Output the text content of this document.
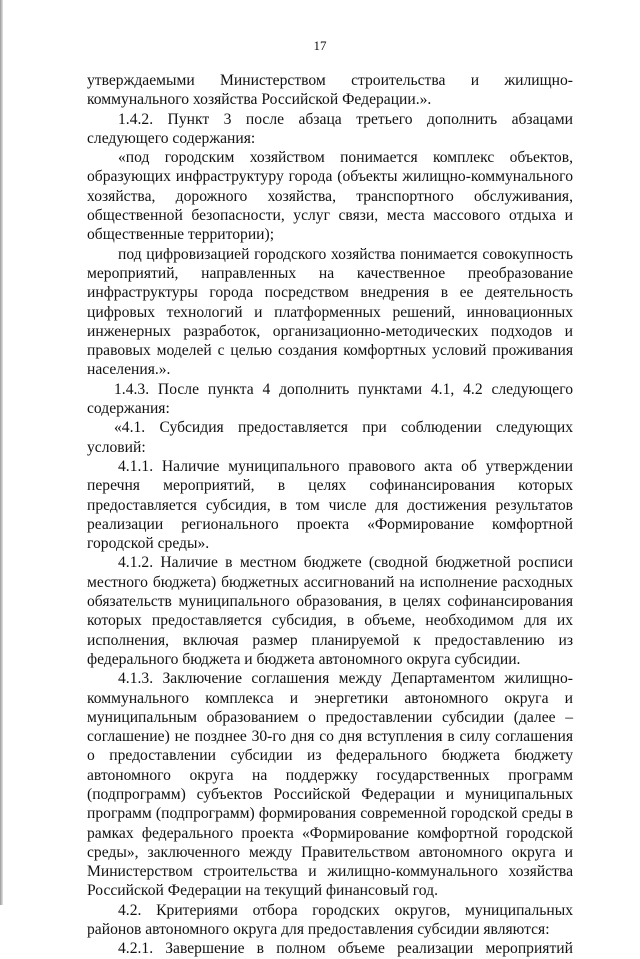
17

утверждаемыми Министерством строительства и жилищно-коммунального хозяйства Российской Федерации.».

1.4.2. Пункт 3 после абзаца третьего дополнить абзацами следующего содержания:

«под городским хозяйством понимается комплекс объектов, образующих инфраструктуру города (объекты жилищно-коммунального хозяйства, дорожного хозяйства, транспортного обслуживания, общественной безопасности, услуг связи, места массового отдыха и общественные территории);

под цифровизацией городского хозяйства понимается совокупность мероприятий, направленных на качественное преобразование инфраструктуры города посредством внедрения в ее деятельность цифровых технологий и платформенных решений, инновационных инженерных разработок, организационно-методических подходов и правовых моделей с целью создания комфортных условий проживания населения.».

1.4.3. После пункта 4 дополнить пунктами 4.1, 4.2 следующего содержания:

«4.1. Субсидия предоставляется при соблюдении следующих условий:

4.1.1. Наличие муниципального правового акта об утверждении перечня мероприятий, в целях софинансирования которых предоставляется субсидия, в том числе для достижения результатов реализации регионального проекта «Формирование комфортной городской среды».

4.1.2. Наличие в местном бюджете (сводной бюджетной росписи местного бюджета) бюджетных ассигнований на исполнение расходных обязательств муниципального образования, в целях софинансирования которых предоставляется субсидия, в объеме, необходимом для их исполнения, включая размер планируемой к предоставлению из федерального бюджета и бюджета автономного округа субсидии.

4.1.3. Заключение соглашения между Департаментом жилищно-коммунального комплекса и энергетики автономного округа и муниципальным образованием о предоставлении субсидии (далее – соглашение) не позднее 30-го дня со дня вступления в силу соглашения о предоставлении субсидии из федерального бюджета бюджету автономного округа на поддержку государственных программ (подпрограмм) субъектов Российской Федерации и муниципальных программ (подпрограмм) формирования современной городской среды в рамках федерального проекта «Формирование комфортной городской среды», заключенного между Правительством автономного округа и Министерством строительства и жилищно-коммунального хозяйства Российской Федерации на текущий финансовый год.

4.2. Критериями отбора городских округов, муниципальных районов автономного округа для предоставления субсидии являются:

4.2.1. Завершение в полном объеме реализации мероприятий
